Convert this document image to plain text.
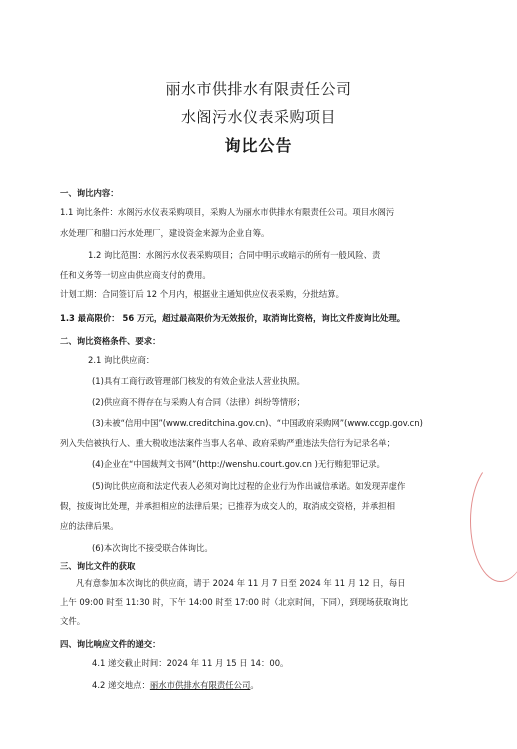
丽水市供排水有限责任公司
水阁污水仪表采购项目
询比公告
一、询比内容：
1.1 询比条件：水阁污水仪表采购项目，采购人为丽水市供排水有限责任公司。项目水阁污
水处理厂和腊口污水处理厂，建设资金来源为企业自筹。
1.2 询比范围：水阁污水仪表采购项目；合同中明示或暗示的所有一般风险、责
任和义务等一切应由供应商支付的费用。
计划工期：合同签订后 12 个月内，根据业主通知供应仪表采购，分批结算。
1.3 最高限价： 56 万元，超过最高限价为无效报价，取消询比资格，询比文件废询比处理。
二、询比资格条件、要求：
2.1 询比供应商：
(1)具有工商行政管理部门核发的有效企业法人营业执照。
(2)供应商不得存在与采购人有合同（法律）纠纷等情形；
(3)未被“信用中国”(www.creditchina.gov.cn)、“中国政府采购网”(www.ccgp.gov.cn)
列入失信被执行人、重大税收违法案件当事人名单、政府采购严重违法失信行为记录名单；
(4)企业在“中国裁判文书网”(http://wenshu.court.gov.cn )无行贿犯罪记录。
(5)询比供应商和法定代表人必须对询比过程的企业行为作出诚信承诺。如发现弄虚作
假，按废询比处理，并承担相应的法律后果；已推荐为成交人的，取消成交资格，并承担相
应的法律后果。
(6)本次询比不接受联合体询比。
三、询比文件的获取
凡有意参加本次询比的供应商，请于 2024 年 11 月 7 日至 2024 年 11 月 12 日，每日
上午 09:00 时至 11:30 时，下午 14:00 时至 17:00 时（北京时间，下同），到现场获取询比
文件。
四、询比响应文件的递交：
4.1 递交截止时间：2024 年 11 月 15 日 14：00。
4.2 递交地点：丽水市供排水有限责任公司。
